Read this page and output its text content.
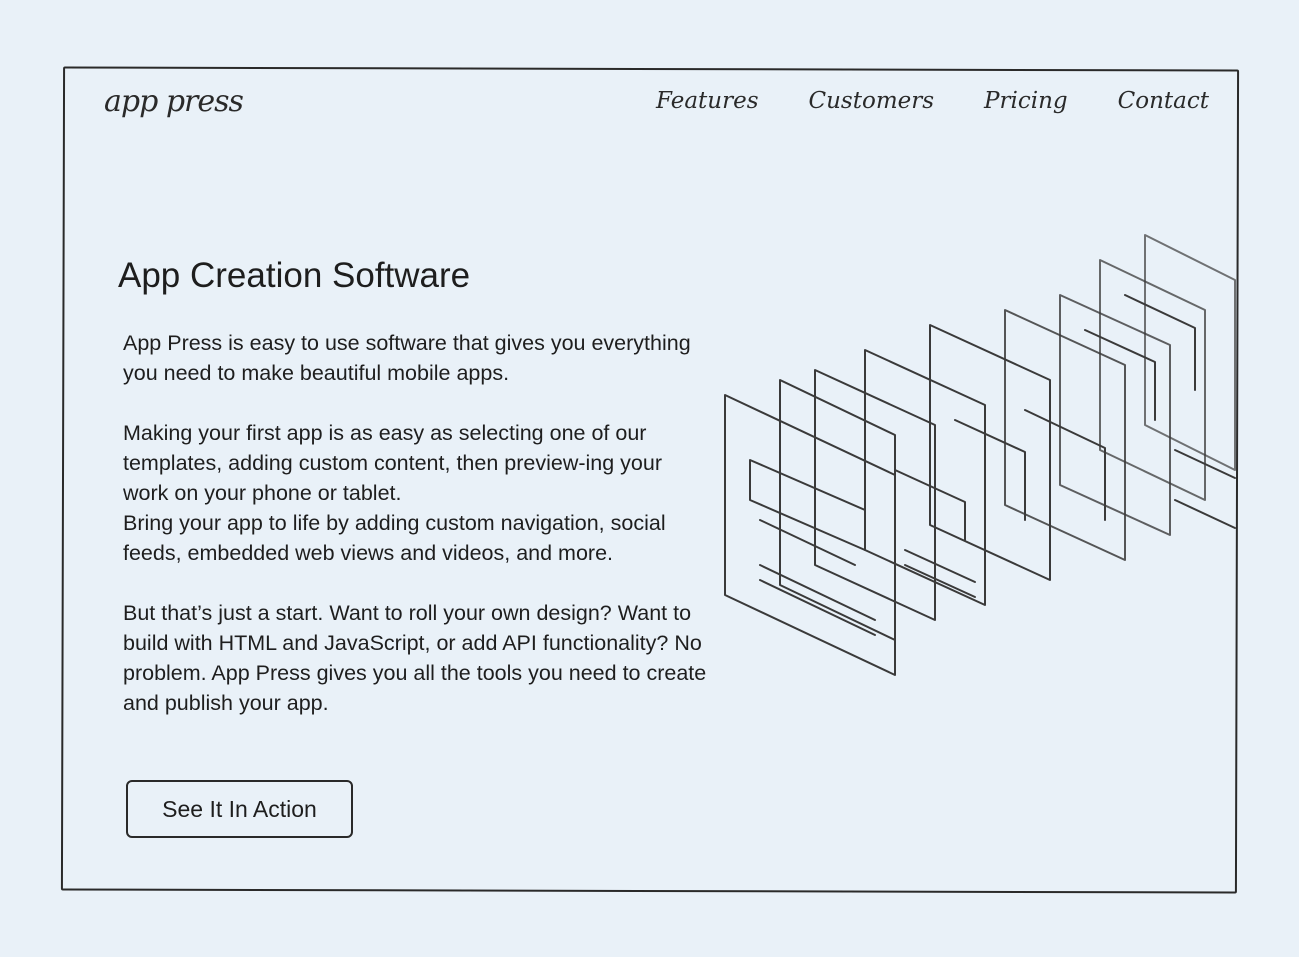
app press	Features Customers Pricing Contact
App Creation Software

App Press is easy to use software that gives you everything you need to make beautiful mobile apps.

Making your first app is as easy as selecting one of our templates, adding custom content, then preview-ing your work on your phone or tablet.

Bring your app to life by adding custom navigation, social feeds, embedded web views and videos, and more.

But that’s just a start. Want to roll your own design? Want to build with HTML and JavaScript, or add API functionality? No problem. App Press gives you all the tools you need to create and publish your app.

See It In Action
